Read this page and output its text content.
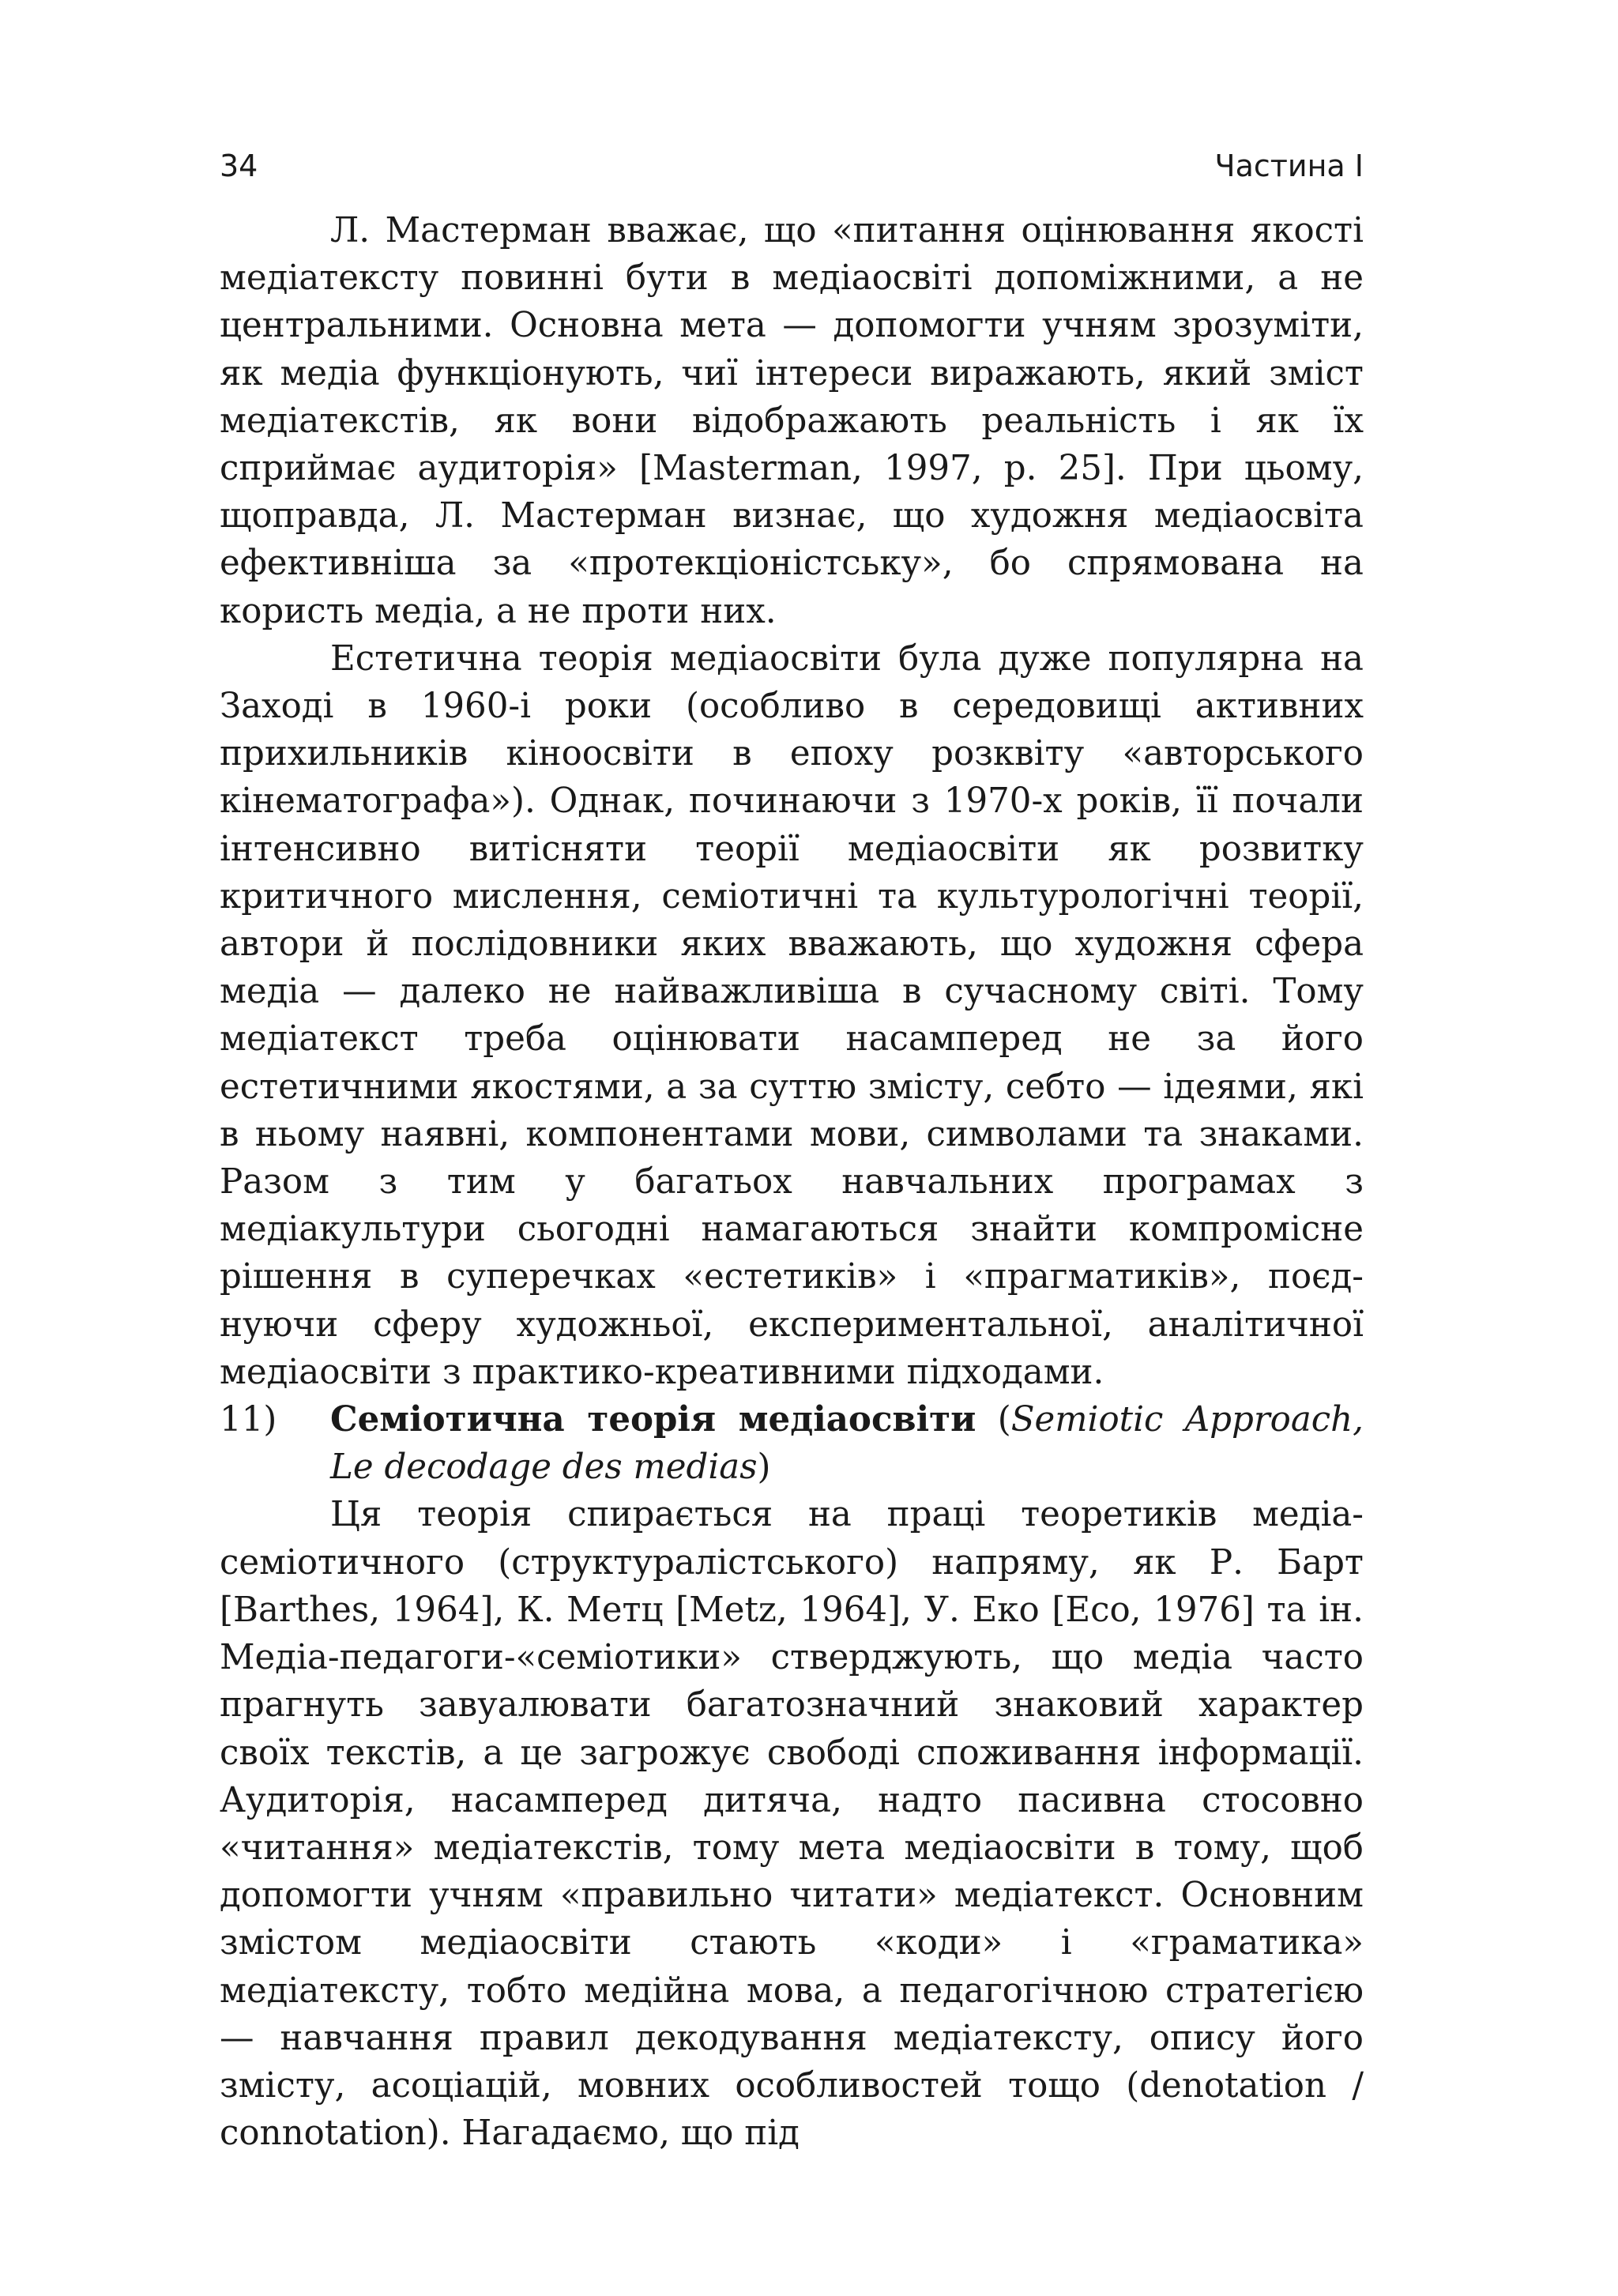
34	Частина І

Л. Мастерман вважає, що «питання оцінювання якості медіатексту повинні бути в медіаосвіті допоміжними, а не центральними. Основна мета — допомогти учням зрозуміти, як медіа функціонують, чиї інтереси виражають, який зміст медіатекстів, як вони відображають реальність і як їх сприймає аудиторія» [Masterman, 1997, p. 25]. При цьому, щоправда, Л. Мастерман визнає, що художня медіаосвіта ефективніша за «протекціоністську», бо спрямована на користь медіа, а не проти них.

Естетична теорія медіаосвіти була дуже популярна на Заході в 1960-і роки (особливо в середовищі активних прихильників кіноосвіти в епоху розквіту «авторського кінематографа»). Однак, починаючи з 1970-х років, її почали інтенсивно витісняти теорії медіаосвіти як розвитку критичного мислення, семіотичні та культурологічні теорії, автори й послідовники яких вважають, що художня сфера медіа — далеко не найважливіша в сучасному світі. Тому медіатекст треба оцінювати насамперед не за його естетичними якостями, а за суттю змісту, себто — ідеями, які в ньому наявні, компонентами мови, символами та знаками. Разом з тим у багатьох навчальних програмах з медіакультури сьогодні намагаються знайти компромісне рішення в суперечках «естетиків» і «прагматиків», поєднуючи сферу художньої, експериментальної, аналітичної медіаосвіти з практико-креативними підходами.

11)	Семіотична теорія медіаосвіти (Semiotic Approach, Le decodage des medias)

Ця теорія спирається на праці теоретиків медіасеміотичного (структуралістського) напряму, як Р. Барт [Barthes, 1964], К. Метц [Metz, 1964], У. Еко [Eco, 1976] та ін. Медіа-педагоги-«семіотики» стверджують, що медіа часто прагнуть завуалювати багатозначний знаковий характер своїх текстів, а це загрожує свободі споживання інформації. Аудиторія, насамперед дитяча, надто пасивна стосовно «читання» медіатекстів, тому мета медіаосвіти в тому, щоб допомогти учням «правильно читати» медіатекст. Основним змістом медіаосвіти стають «коди» і «граматика» медіатексту, тобто медійна мова, а педагогічною стратегією — навчання правил декодування медіатексту, опису його змісту, асоціацій, мовних особливостей тощо (denotation / connotation). Нагадаємо, що під
